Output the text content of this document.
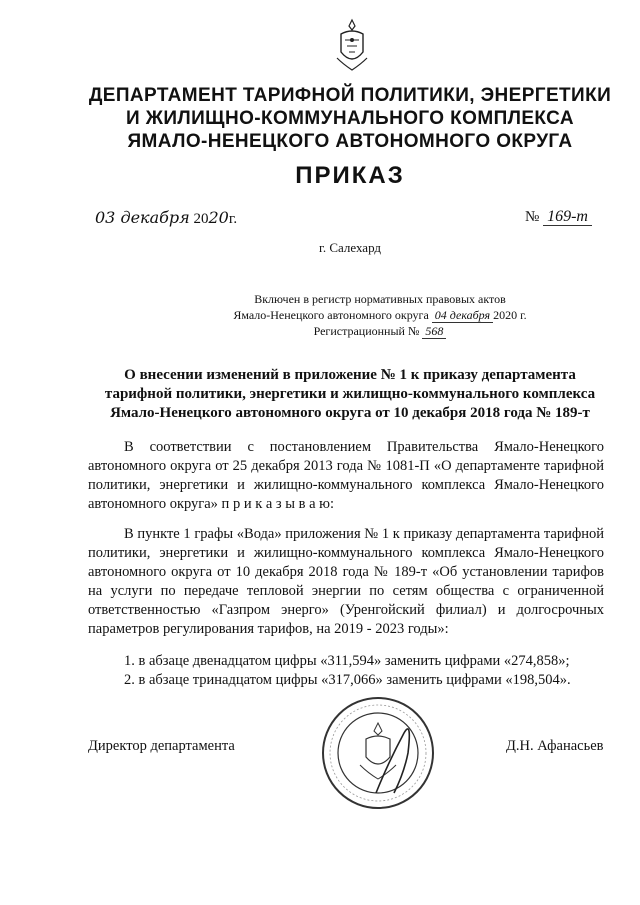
ДЕПАРТАМЕНТ ТАРИФНОЙ ПОЛИТИКИ, ЭНЕРГЕТИКИ
И ЖИЛИЩНО-КОММУНАЛЬНОГО КОМПЛЕКСА
ЯМАЛО-НЕНЕЦКОГО АВТОНОМНОГО ОКРУГА
ПРИКАЗ
03 декабря 2020г.	№ 169-т
г. Салехард
Включен в регистр нормативных правовых актов
Ямало-Ненецкого автономного округа 04 декабря 2020 г.
Регистрационный № 568
О внесении изменений в приложение № 1 к приказу департамента
тарифной политики, энергетики и жилищно-коммунального комплекса
Ямало-Ненецкого автономного округа от 10 декабря 2018 года № 189-т
В соответствии с постановлением Правительства Ямало-Ненецкого автономного округа от 25 декабря 2013 года № 1081-П «О департаменте тарифной политики, энергетики и жилищно-коммунального комплекса Ямало-Ненецкого автономного округа» п р и к а з ы в а ю:
В пункте 1 графы «Вода» приложения № 1 к приказу департамента тарифной политики, энергетики и жилищно-коммунального комплекса Ямало-Ненецкого автономного округа от 10 декабря 2018 года № 189-т «Об установлении тарифов на услуги по передаче тепловой энергии по сетям общества с ограниченной ответственностью «Газпром энерго» (Уренгойский филиал) и долгосрочных параметров регулирования тарифов, на 2019 - 2023 годы»:
1. в абзаце двенадцатом цифры «311,594» заменить цифрами «274,858»;
2. в абзаце тринадцатом цифры «317,066» заменить цифрами «198,504».
Директор департамента	Д.Н. Афанасьев
